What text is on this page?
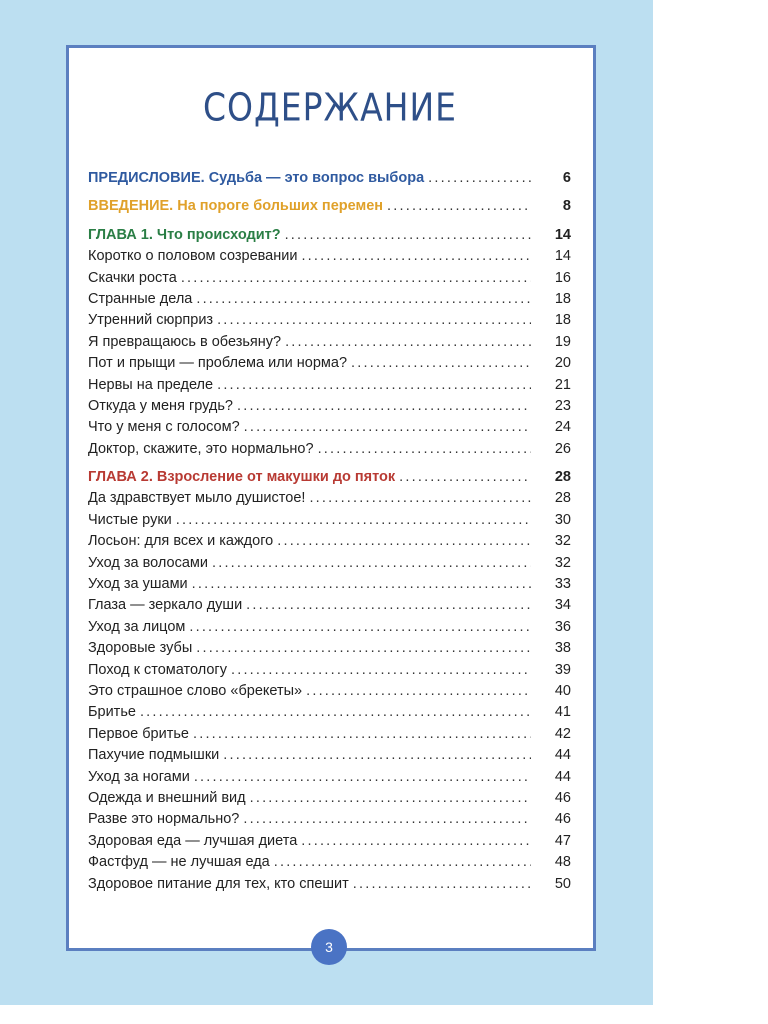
СОДЕРЖАНИЕ
ПРЕДИСЛОВИЕ. Судьба — это вопрос выбора .....	6
ВВЕДЕНИЕ. На пороге больших перемен .....	8
ГЛАВА 1. Что происходит? .....	14
Коротко о половом созревании .....	14
Скачки роста .....	16
Странные дела .....	18
Утренний сюрприз .....	18
Я превращаюсь в обезьяну? .....	19
Пот и прыщи — проблема или норма? .....	20
Нервы на пределе .....	21
Откуда у меня грудь? .....	23
Что у меня с голосом? .....	24
Доктор, скажите, это нормально? .....	26
ГЛАВА 2. Взросление от макушки до пяток .....	28
Да здравствует мыло душистое! .....	28
Чистые руки .....	30
Лосьон: для всех и каждого .....	32
Уход за волосами .....	32
Уход за ушами .....	33
Глаза — зеркало души .....	34
Уход за лицом .....	36
Здоровые зубы .....	38
Поход к стоматологу .....	39
Это страшное слово «брекеты» .....	40
Бритье .....	41
Первое бритье .....	42
Пахучие подмышки .....	44
Уход за ногами .....	44
Одежда и внешний вид .....	46
Разве это нормально? .....	46
Здоровая еда — лучшая диета .....	47
Фастфуд — не лучшая еда .....	48
Здоровое питание для тех, кто спешит .....	50
3
